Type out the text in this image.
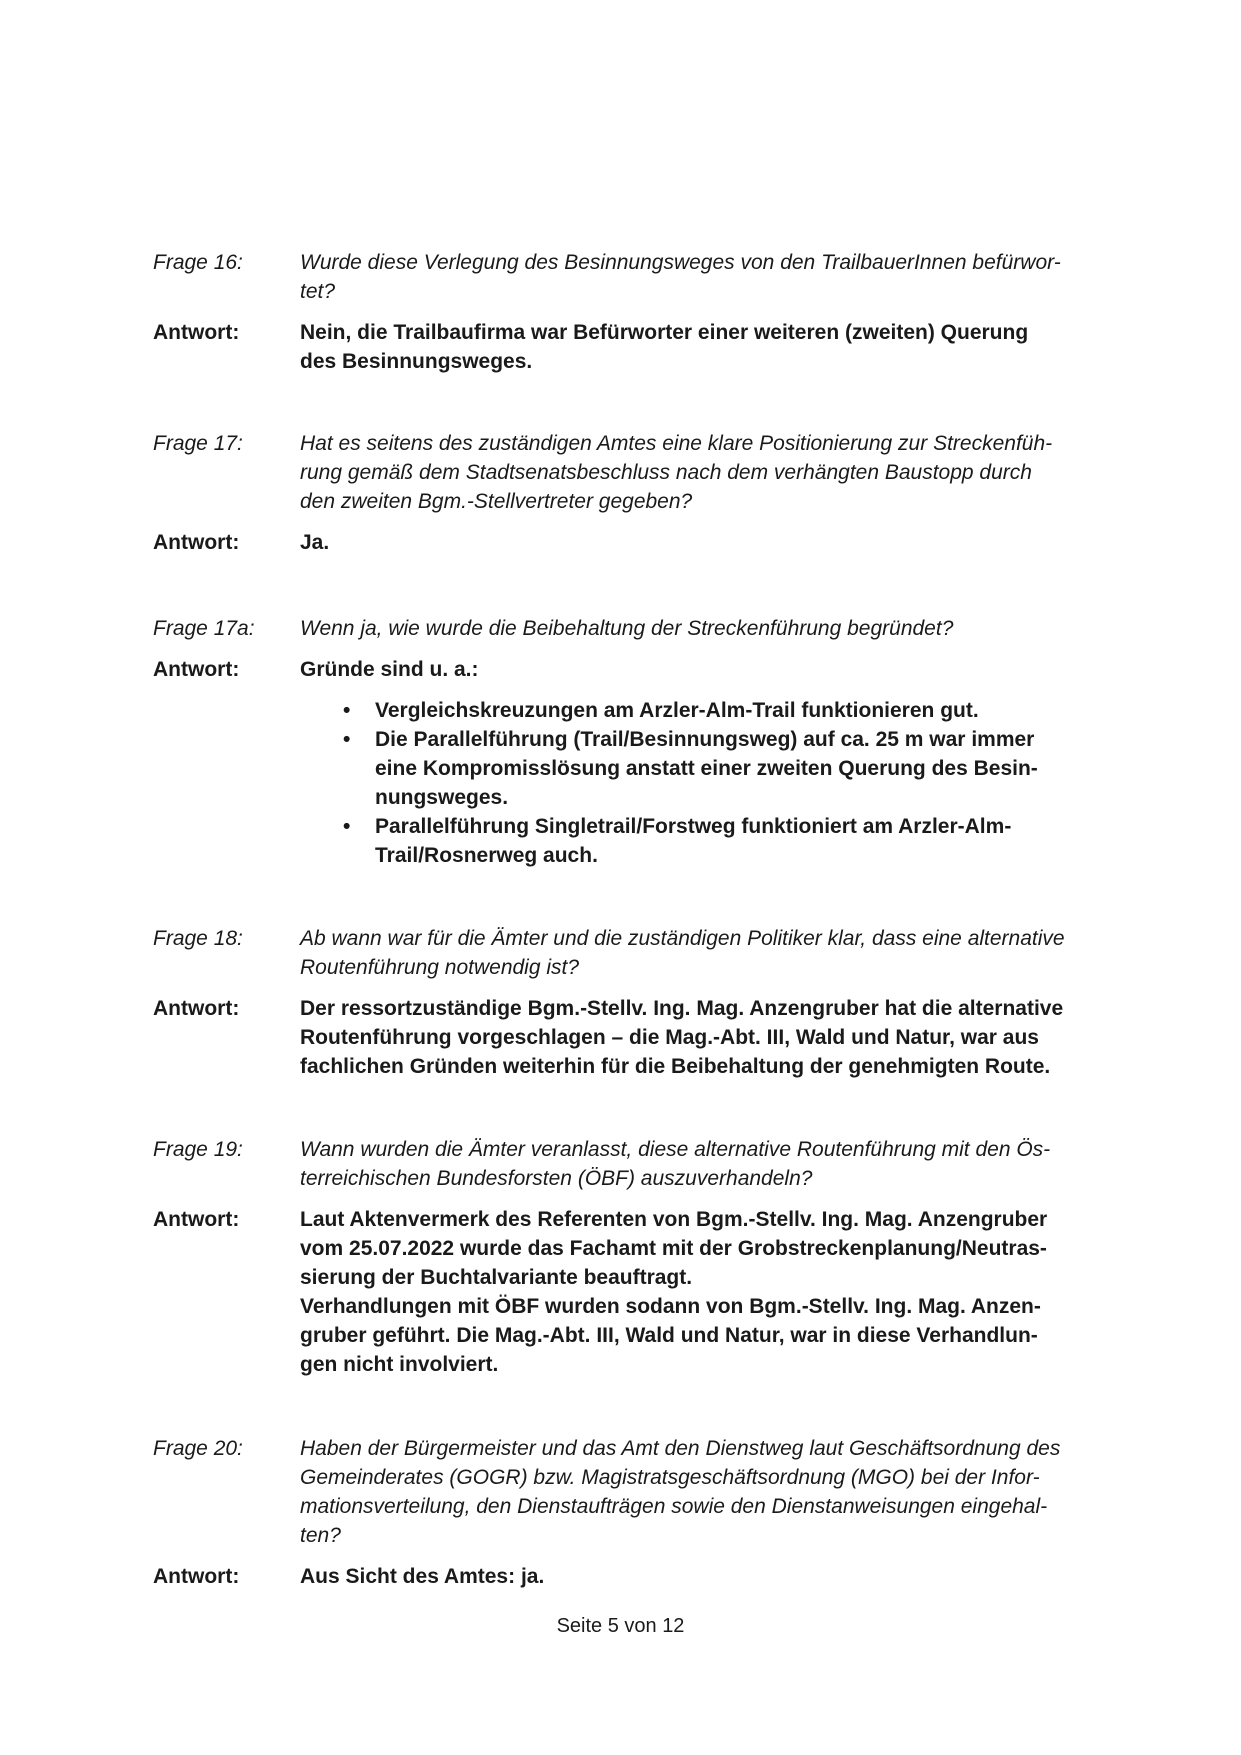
Frage 16:	Wurde diese Verlegung des Besinnungsweges von den TrailbauerInnen befürwor-
tet?
Antwort:	Nein, die Trailbaufirma war Befürworter einer weiteren (zweiten) Querung
des Besinnungsweges.
Frage 17:	Hat es seitens des zuständigen Amtes eine klare Positionierung zur Streckenfüh-
rung gemäß dem Stadtsenatsbeschluss nach dem verhängten Baustopp durch
den zweiten Bgm.-Stellvertreter gegeben?
Antwort:	Ja.
Frage 17a:	Wenn ja, wie wurde die Beibehaltung der Streckenführung begründet?
Antwort:	Gründe sind u. a.:
• Vergleichskreuzungen am Arzler-Alm-Trail funktionieren gut.
• Die Parallelführung (Trail/Besinnungsweg) auf ca. 25 m war immer
eine Kompromisslösung anstatt einer zweiten Querung des Besin-
nungsweges.
• Parallelführung Singletrail/Forstweg funktioniert am Arzler-Alm-
Trail/Rosnerweg auch.
Frage 18:	Ab wann war für die Ämter und die zuständigen Politiker klar, dass eine alternative
Routenführung notwendig ist?
Antwort:	Der ressortzuständige Bgm.-Stellv. Ing. Mag. Anzengruber hat die alternative
Routenführung vorgeschlagen – die Mag.-Abt. III, Wald und Natur, war aus
fachlichen Gründen weiterhin für die Beibehaltung der genehmigten Route.
Frage 19:	Wann wurden die Ämter veranlasst, diese alternative Routenführung mit den Ös-
terreichischen Bundesforsten (ÖBF) auszuverhandeln?
Antwort:	Laut Aktenvermerk des Referenten von Bgm.-Stellv. Ing. Mag. Anzengruber
vom 25.07.2022 wurde das Fachamt mit der Grobstreckenplanung/Neutras-
sierung der Buchtalvariante beauftragt.
Verhandlungen mit ÖBF wurden sodann von Bgm.-Stellv. Ing. Mag. Anzen-
gruber geführt. Die Mag.-Abt. III, Wald und Natur, war in diese Verhandlun-
gen nicht involviert.
Frage 20:	Haben der Bürgermeister und das Amt den Dienstweg laut Geschäftsordnung des
Gemeinderates (GOGR) bzw. Magistratsgeschäftsordnung (MGO) bei der Infor-
mationsverteilung, den Dienstaufträgen sowie den Dienstanweisungen eingehal-
ten?
Antwort:	Aus Sicht des Amtes: ja.
Seite 5 von 12
